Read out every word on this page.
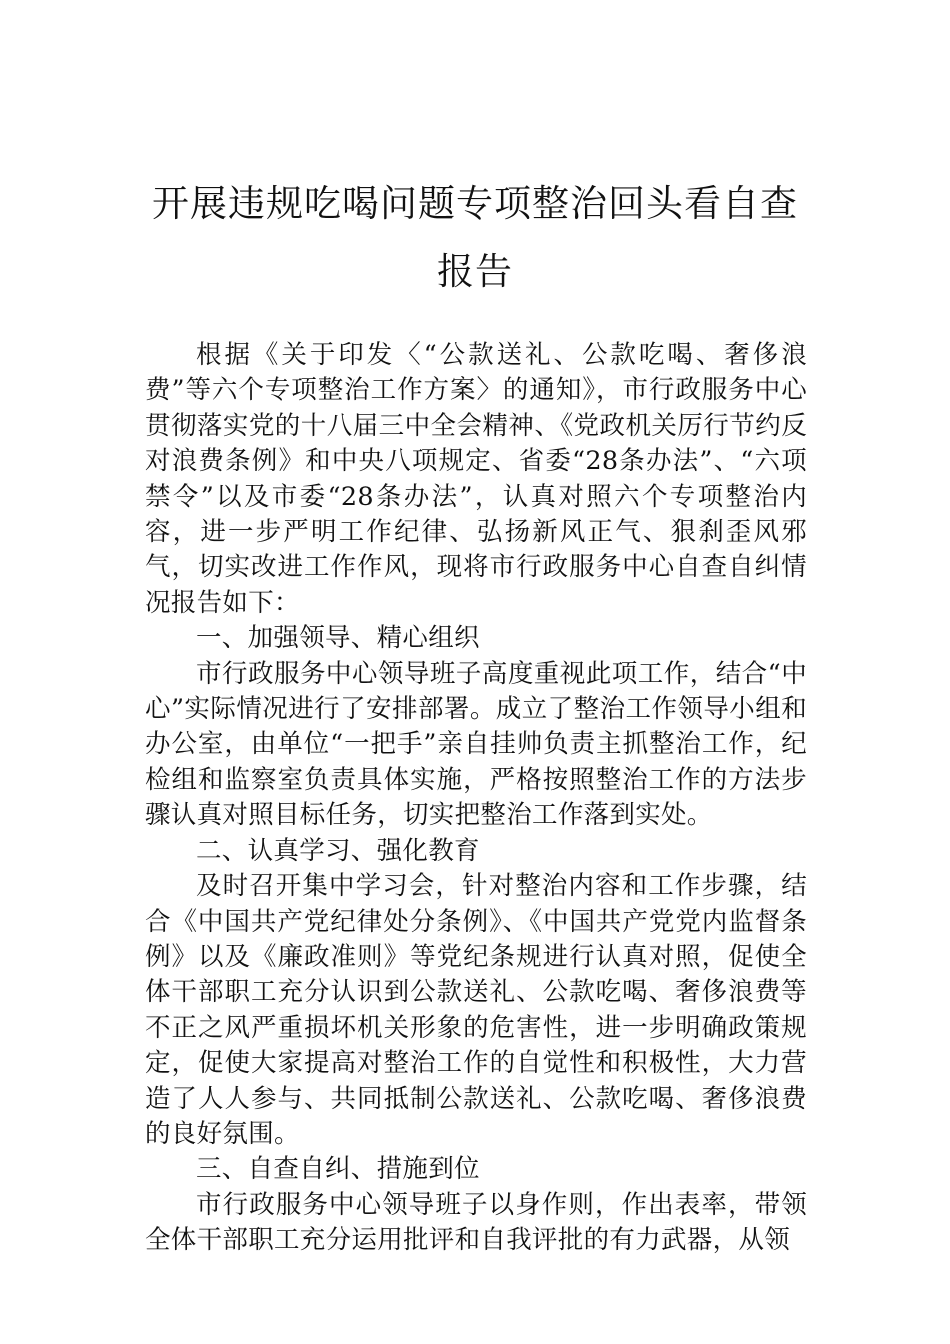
开展违规吃喝问题专项整治回头看自查报告

根据《关于印发〈“公款送礼、公款吃喝、奢侈浪费”等六个专项整治工作方案〉的通知》，市行政服务中心贯彻落实党的十八届三中全会精神、《党政机关厉行节约反对浪费条例》和中央八项规定、省委“28条办法”、“六项禁令”以及市委“28条办法”，认真对照六个专项整治内容，进一步严明工作纪律、弘扬新风正气、狠刹歪风邪气，切实改进工作作风，现将市行政服务中心自查自纠情况报告如下：

一、加强领导、精心组织

市行政服务中心领导班子高度重视此项工作，结合“中心”实际情况进行了安排部署。成立了整治工作领导小组和办公室，由单位“一把手”亲自挂帅负责主抓整治工作，纪检组和监察室负责具体实施，严格按照整治工作的方法步骤认真对照目标任务，切实把整治工作落到实处。

二、认真学习、强化教育

及时召开集中学习会，针对整治内容和工作步骤，结合《中国共产党纪律处分条例》、《中国共产党党内监督条例》以及《廉政准则》等党纪条规进行认真对照，促使全体干部职工充分认识到公款送礼、公款吃喝、奢侈浪费等不正之风严重损坏机关形象的危害性，进一步明确政策规定，促使大家提高对整治工作的自觉性和积极性，大力营造了人人参与、共同抵制公款送礼、公款吃喝、奢侈浪费的良好氛围。

三、自查自纠、措施到位

市行政服务中心领导班子以身作则，作出表率，带领全体干部职工充分运用批评和自我评批的有力武器，从领
